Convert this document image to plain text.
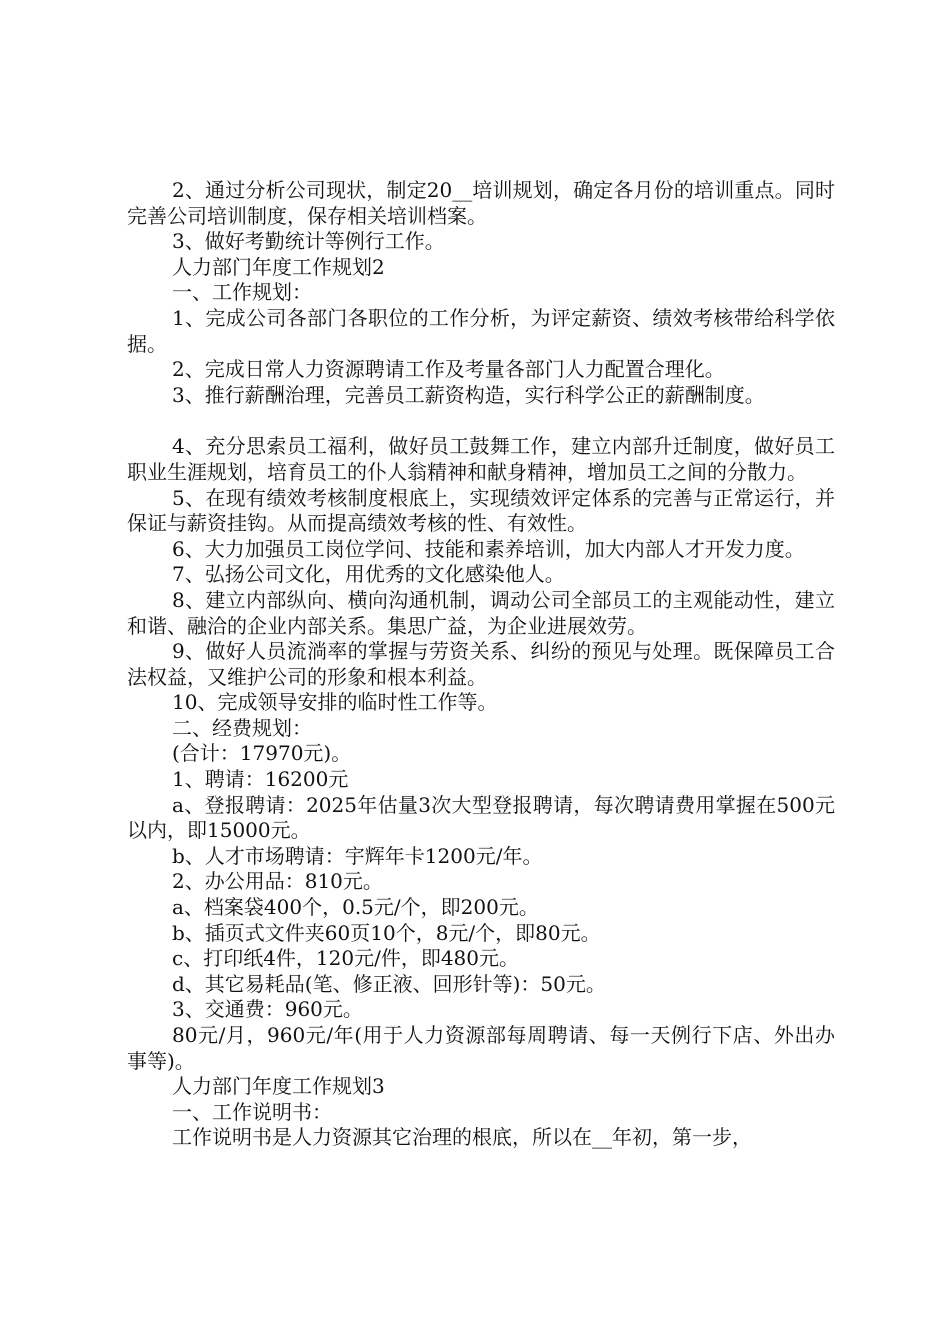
2、通过分析公司现状，制定20__培训规划，确定各月份的培训重点。同时完善公司培训制度，保存相关培训档案。

3、做好考勤统计等例行工作。

人力部门年度工作规划2

一、工作规划：

1、完成公司各部门各职位的工作分析，为评定薪资、绩效考核带给科学依据。

2、完成日常人力资源聘请工作及考量各部门人力配置合理化。

3、推行薪酬治理，完善员工薪资构造，实行科学公正的薪酬制度。

4、充分思索员工福利，做好员工鼓舞工作，建立内部升迁制度，做好员工职业生涯规划，培育员工的仆人翁精神和献身精神，增加员工之间的分散力。

5、在现有绩效考核制度根底上，实现绩效评定体系的完善与正常运行，并保证与薪资挂钩。从而提高绩效考核的性、有效性。

6、大力加强员工岗位学问、技能和素养培训，加大内部人才开发力度。

7、弘扬公司文化，用优秀的文化感染他人。

8、建立内部纵向、横向沟通机制，调动公司全部员工的主观能动性，建立和谐、融洽的企业内部关系。集思广益，为企业进展效劳。

9、做好人员流淌率的掌握与劳资关系、纠纷的预见与处理。既保障员工合法权益，又维护公司的形象和根本利益。

10、完成领导安排的临时性工作等。

二、经费规划：

(合计：17970元)。

1、聘请：16200元

a、登报聘请：2025年估量3次大型登报聘请，每次聘请费用掌握在500元以内，即15000元。

b、人才市场聘请：宇辉年卡1200元/年。

2、办公用品：810元。

a、档案袋400个，0.5元/个，即200元。

b、插页式文件夹60页10个，8元/个，即80元。

c、打印纸4件，120元/件，即480元。

d、其它易耗品(笔、修正液、回形针等)：50元。

3、交通费：960元。

80元/月，960元/年(用于人力资源部每周聘请、每一天例行下店、外出办事等)。

人力部门年度工作规划3

一、工作说明书：

工作说明书是人力资源其它治理的根底，所以在__年初，第一步，
